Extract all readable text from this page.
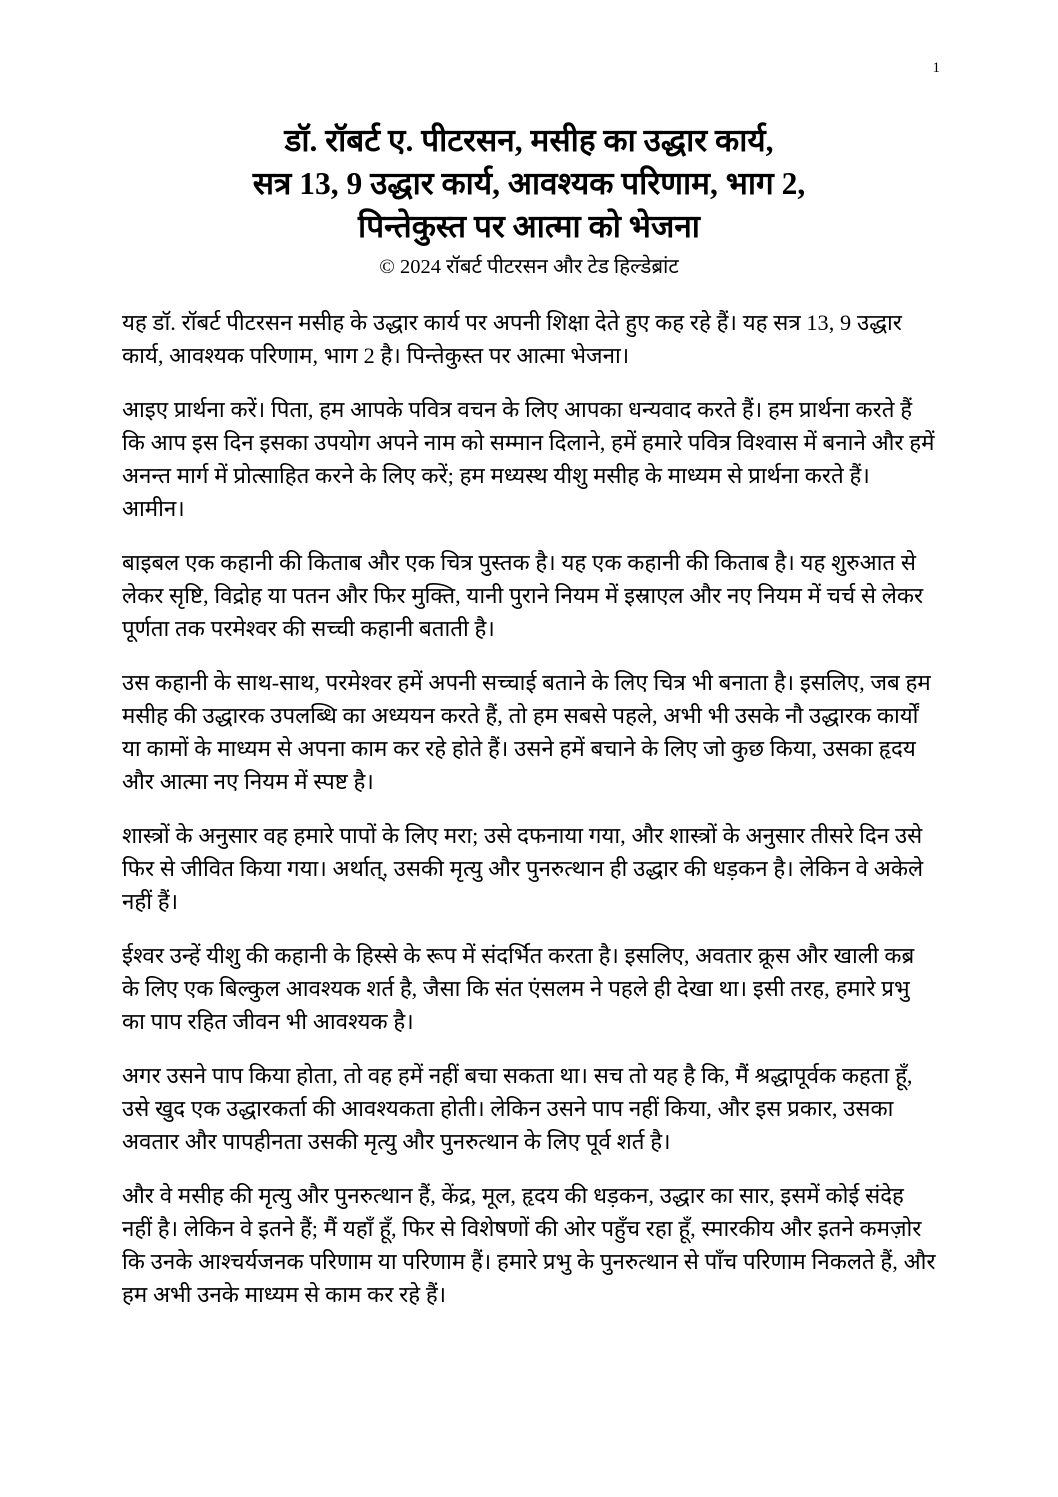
1
डॉ. रॉबर्ट ए. पीटरसन, मसीह का उद्धार कार्य,
सत्र 13, 9 उद्धार कार्य, आवश्यक परिणाम, भाग 2,
पिन्तेकुस्त पर आत्मा को भेजना
© 2024 रॉबर्ट पीटरसन और टेड हिल्डेब्रांट

यह डॉ. रॉबर्ट पीटरसन मसीह के उद्धार कार्य पर अपनी शिक्षा देते हुए कह रहे हैं। यह सत्र 13, 9 उद्धार कार्य, आवश्यक परिणाम, भाग 2 है। पिन्तेकुस्त पर आत्मा भेजना।

आइए प्रार्थना करें। पिता, हम आपके पवित्र वचन के लिए आपका धन्यवाद करते हैं। हम प्रार्थना करते हैं कि आप इस दिन इसका उपयोग अपने नाम को सम्मान दिलाने, हमें हमारे पवित्र विश्वास में बनाने और हमें अनन्त मार्ग में प्रोत्साहित करने के लिए करें; हम मध्यस्थ यीशु मसीह के माध्यम से प्रार्थना करते हैं। आमीन।

बाइबल एक कहानी की किताब और एक चित्र पुस्तक है। यह एक कहानी की किताब है। यह शुरुआत से लेकर सृष्टि, विद्रोह या पतन और फिर मुक्ति, यानी पुराने नियम में इस्राएल और नए नियम में चर्च से लेकर पूर्णता तक परमेश्वर की सच्ची कहानी बताती है।

उस कहानी के साथ-साथ, परमेश्वर हमें अपनी सच्चाई बताने के लिए चित्र भी बनाता है। इसलिए, जब हम मसीह की उद्धारक उपलब्धि का अध्ययन करते हैं, तो हम सबसे पहले, अभी भी उसके नौ उद्धारक कार्यों या कामों के माध्यम से अपना काम कर रहे होते हैं। उसने हमें बचाने के लिए जो कुछ किया, उसका हृदय और आत्मा नए नियम में स्पष्ट है।

शास्त्रों के अनुसार वह हमारे पापों के लिए मरा; उसे दफनाया गया, और शास्त्रों के अनुसार तीसरे दिन उसे फिर से जीवित किया गया। अर्थात्, उसकी मृत्यु और पुनरुत्थान ही उद्धार की धड़कन है। लेकिन वे अकेले नहीं हैं।

ईश्वर उन्हें यीशु की कहानी के हिस्से के रूप में संदर्भित करता है। इसलिए, अवतार क्रूस और खाली कब्र के लिए एक बिल्कुल आवश्यक शर्त है, जैसा कि संत एंसलम ने पहले ही देखा था। इसी तरह, हमारे प्रभु का पाप रहित जीवन भी आवश्यक है।

अगर उसने पाप किया होता, तो वह हमें नहीं बचा सकता था। सच तो यह है कि, मैं श्रद्धापूर्वक कहता हूँ, उसे खुद एक उद्धारकर्ता की आवश्यकता होती। लेकिन उसने पाप नहीं किया, और इस प्रकार, उसका अवतार और पापहीनता उसकी मृत्यु और पुनरुत्थान के लिए पूर्व शर्त है।

और वे मसीह की मृत्यु और पुनरुत्थान हैं, केंद्र, मूल, हृदय की धड़कन, उद्धार का सार, इसमें कोई संदेह नहीं है। लेकिन वे इतने हैं; मैं यहाँ हूँ, फिर से विशेषणों की ओर पहुँच रहा हूँ, स्मारकीय और इतने कमज़ोर कि उनके आश्चर्यजनक परिणाम या परिणाम हैं। हमारे प्रभु के पुनरुत्थान से पाँच परिणाम निकलते हैं, और हम अभी उनके माध्यम से काम कर रहे हैं।
